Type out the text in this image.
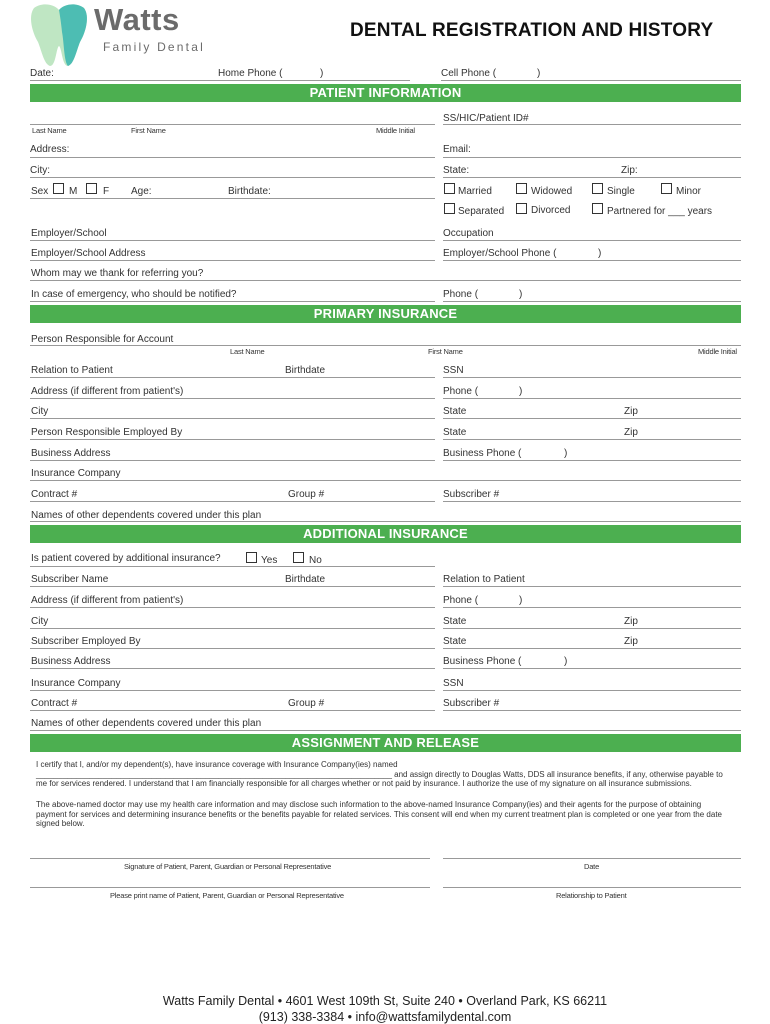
Watts
Family Dental
DENTAL REGISTRATION AND HISTORY
Date:	Home Phone (	)	Cell Phone (	)
PATIENT INFORMATION
SS/HIC/Patient ID#
Last Name	First Name	Middle Initial
Address:	Email:
City:	State:	Zip:
Sex M	F Age:	Birthdate:	Married	Widowed	Single	Minor
Separated	Divorced	Partnered for ___ years
Employer/School	Occupation
Employer/School Address	Employer/School Phone (	)
Whom may we thank for referring you?
In case of emergency, who should be notified?	Phone (	)
PRIMARY INSURANCE
Person Responsible for Account
Last Name	First Name	Middle Initial
Relation to Patient	Birthdate	SSN
Address (if different from patient's)	Phone (	)
City	State	Zip
Person Responsible Employed By	State	Zip
Business Address	Business Phone (	)
Insurance Company
Contract #	Group #	Subscriber #
Names of other dependents covered under this plan
ADDITIONAL INSURANCE
Is patient covered by additional insurance?	Yes	No
Subscriber Name	Birthdate	Relation to Patient
Address (if different from patient's)	Phone (	)
City	State	Zip
Subscriber Employed By	State	Zip
Business Address	Business Phone (	)
Insurance Company	SSN
Contract #	Group #	Subscriber #
Names of other dependents covered under this plan
ASSIGNMENT AND RELEASE
I certify that I, and/or my dependent(s), have insurance coverage with Insurance Company(ies) named ________________________________________________________________________________ and assign directly to Douglas Watts, DDS all insurance benefits, if any, otherwise payable to me for services rendered. I understand that I am financially responsible for all charges whether or not paid by insurance. I authorize the use of my signature on all insurance submissions.
The above-named doctor may use my health care information and may disclose such information to the above-named Insurance Company(ies) and their agents for the purpose of obtaining payment for services and determining insurance benefits or the benefits payable for related services. This consent will end when my current treatment plan is completed or one year from the date signed below.
Signature of Patient, Parent, Guardian or Personal Representative	Date
Please print name of Patient, Parent, Guardian or Personal Representative	Relationship to Patient
Watts Family Dental • 4601 West 109th St, Suite 240 • Overland Park, KS 66211
(913) 338-3384 • info@wattsfamilydental.com
